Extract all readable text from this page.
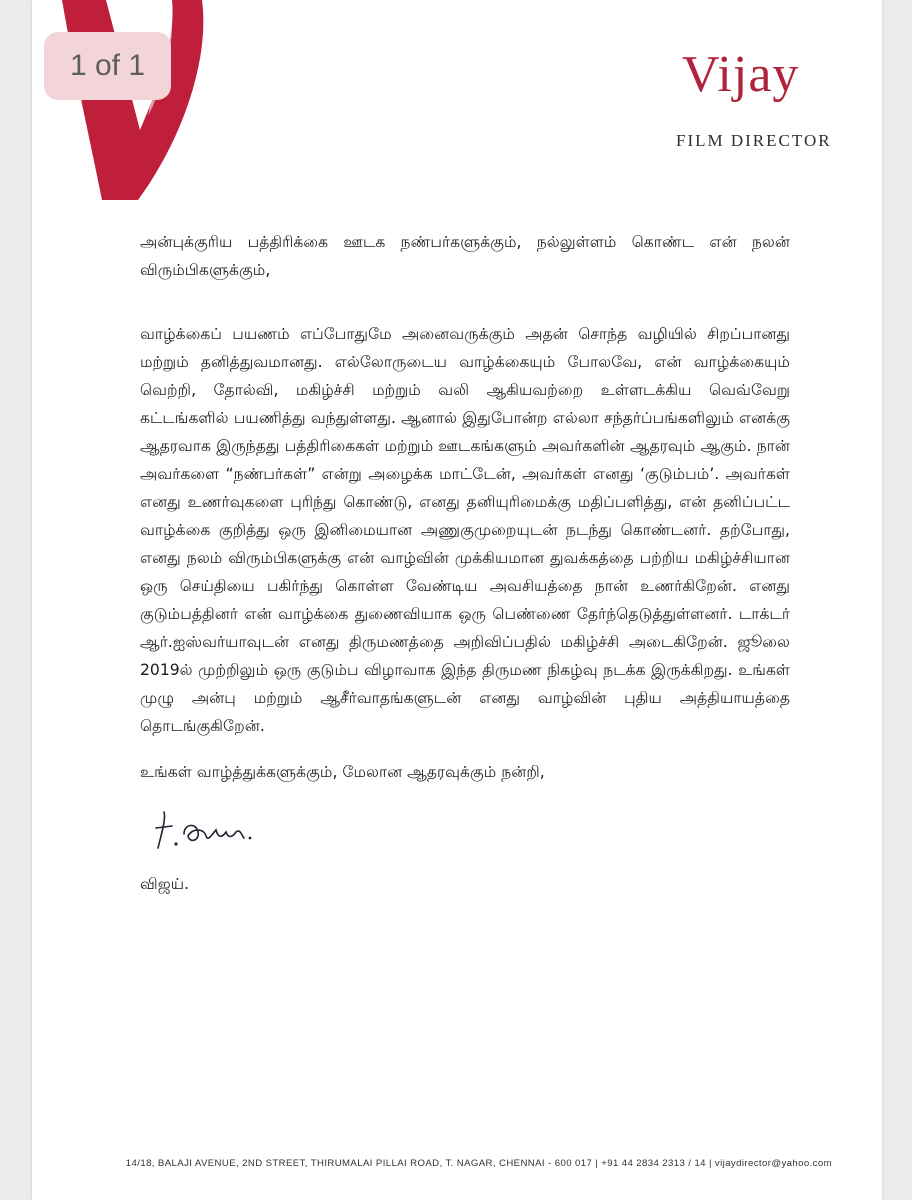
Vijay
FILM DIRECTOR

அன்புக்குரிய பத்திரிக்கை ஊடக நண்பர்களுக்கும், நல்லுள்ளம் கொண்ட என் நலன் விரும்பிகளுக்கும்,

வாழ்க்கைப் பயணம் எப்போதுமே அனைவருக்கும் அதன் சொந்த வழியில் சிறப்பானது மற்றும் தனித்துவமானது. எல்லோருடைய வாழ்க்கையும் போலவே, என் வாழ்க்கையும் வெற்றி, தோல்வி, மகிழ்ச்சி மற்றும் வலி ஆகியவற்றை உள்ளடக்கிய வெவ்வேறு கட்டங்களில் பயணித்து வந்துள்ளது. ஆனால் இதுபோன்ற எல்லா சந்தர்ப்பங்களிலும் எனக்கு ஆதரவாக இருந்தது பத்திரிகைகள் மற்றும் ஊடகங்களும் அவர்களின் ஆதரவும் ஆகும். நான் அவர்களை “நண்பர்கள்” என்று அழைக்க மாட்டேன், அவர்கள் எனது ‘குடும்பம்’. அவர்கள் எனது உணர்வுகளை புரிந்து கொண்டு, எனது தனியுரிமைக்கு மதிப்பளித்து, என் தனிப்பட்ட வாழ்க்கை குறித்து ஒரு இனிமையான அணுகுமுறையுடன் நடந்து கொண்டனர். தற்போது, எனது நலம் விரும்பிகளுக்கு என் வாழ்வின் முக்கியமான துவக்கத்தை பற்றிய மகிழ்ச்சியான ஒரு செய்தியை பகிர்ந்து கொள்ள வேண்டிய அவசியத்தை நான் உணர்கிறேன். எனது குடும்பத்தினர் என் வாழ்க்கை துணைவியாக ஒரு பெண்ணை தேர்ந்தெடுத்துள்ளனர். டாக்டர் ஆர்.ஐஸ்வர்யாவுடன் எனது திருமணத்தை அறிவிப்பதில் மகிழ்ச்சி அடைகிறேன். ஜூலை 2019ல் முற்றிலும் ஒரு குடும்ப விழாவாக இந்த திருமண நிகழ்வு நடக்க இருக்கிறது. உங்கள் முழு அன்பு மற்றும் ஆசீர்வாதங்களுடன் எனது வாழ்வின் புதிய அத்தியாயத்தை தொடங்குகிறேன்.

உங்கள் வாழ்த்துக்களுக்கும், மேலான ஆதரவுக்கும் நன்றி,

விஜய்.

14/18, BALAJI AVENUE, 2ND STREET, THIRUMALAI PILLAI ROAD, T. NAGAR, CHENNAI - 600 017 | +91 44 2834 2313 / 14 | vijaydirector@yahoo.com
1 of 1
